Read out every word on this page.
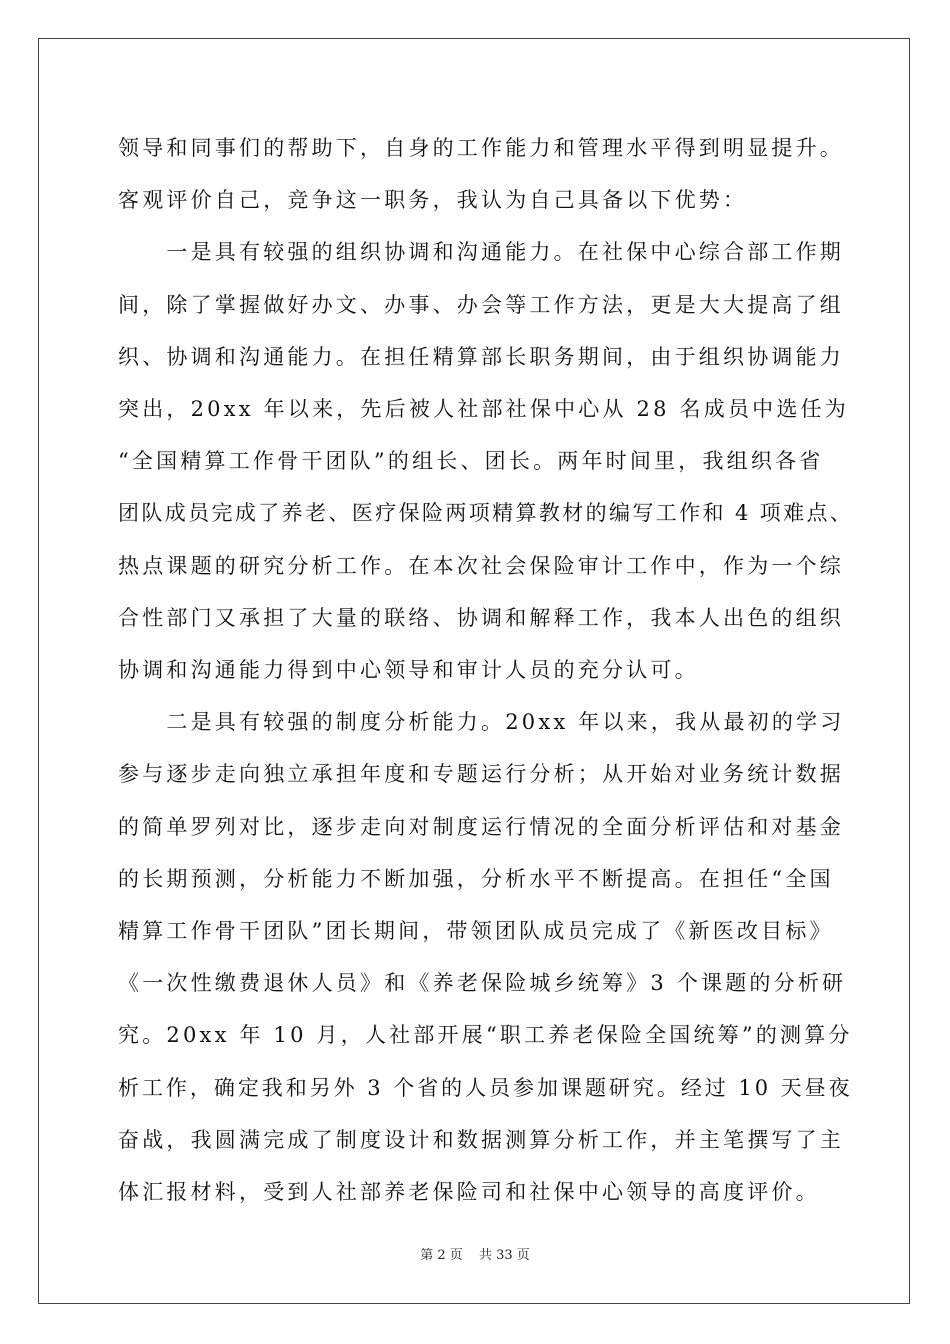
领导和同事们的帮助下，自身的工作能力和管理水平得到明显提升。
客观评价自己，竞争这一职务，我认为自己具备以下优势：
　　一是具有较强的组织协调和沟通能力。在社保中心综合部工作期
间，除了掌握做好办文、办事、办会等工作方法，更是大大提高了组
织、协调和沟通能力。在担任精算部长职务期间，由于组织协调能力
突出，20xx 年以来，先后被人社部社保中心从 28 名成员中选任为
“全国精算工作骨干团队”的组长、团长。两年时间里，我组织各省
团队成员完成了养老、医疗保险两项精算教材的编写工作和 4 项难点、
热点课题的研究分析工作。在本次社会保险审计工作中，作为一个综
合性部门又承担了大量的联络、协调和解释工作，我本人出色的组织
协调和沟通能力得到中心领导和审计人员的充分认可。
　　二是具有较强的制度分析能力。20xx 年以来，我从最初的学习
参与逐步走向独立承担年度和专题运行分析；从开始对业务统计数据
的简单罗列对比，逐步走向对制度运行情况的全面分析评估和对基金
的长期预测，分析能力不断加强，分析水平不断提高。在担任“全国
精算工作骨干团队”团长期间，带领团队成员完成了《新医改目标》
《一次性缴费退休人员》和《养老保险城乡统筹》3 个课题的分析研
究。20xx 年 10 月，人社部开展“职工养老保险全国统筹”的测算分
析工作，确定我和另外 3 个省的人员参加课题研究。经过 10 天昼夜
奋战，我圆满完成了制度设计和数据测算分析工作，并主笔撰写了主
体汇报材料，受到人社部养老保险司和社保中心领导的高度评价。
第 2 页 共 33 页
